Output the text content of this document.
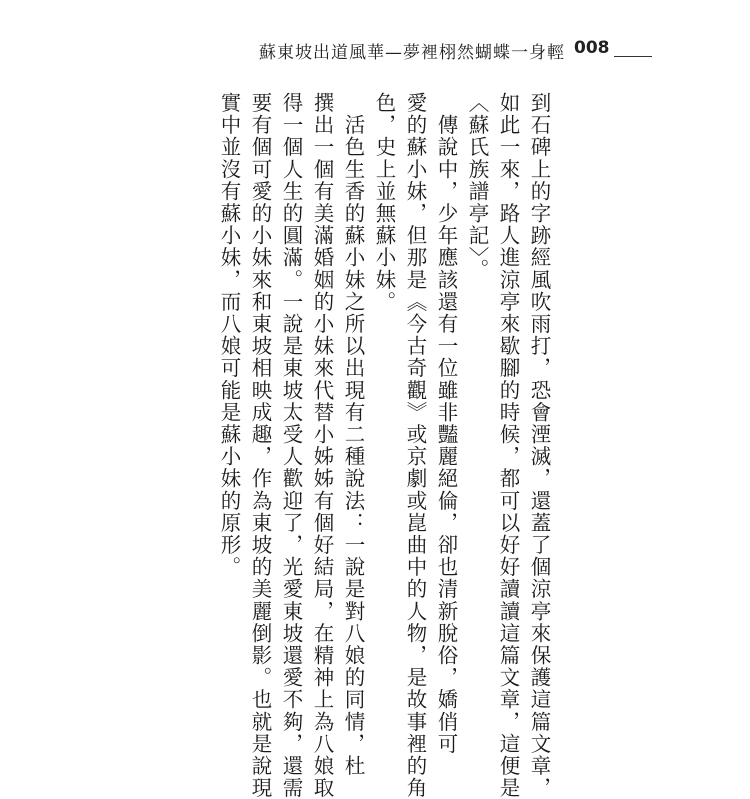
蘇東坡出道風華—夢裡栩然蝴蝶一身輕 008
到石碑上的字跡經風吹雨打，恐會湮滅，還蓋了個涼亭來保護這篇文章，
如此一來，路人進涼亭來歇腳的時候，都可以好好讀讀這篇文章，這便是
〈蘇氏族譜亭記〉。
　傳說中，少年應該還有一位雖非豔麗絕倫，卻也清新脫俗，嬌俏可
愛的蘇小妹，但那是《今古奇觀》或京劇或崑曲中的人物，是故事裡的角
色，史上並無蘇小妹。
　活色生香的蘇小妹之所以出現有二種說法：一說是對八娘的同情，杜
撰出一個有美滿婚姻的小妹來代替小姊姊有個好結局，在精神上為八娘取
得一個人生的圓滿。一說是東坡太受人歡迎了，光愛東坡還愛不夠，還需
要有個可愛的小妹來和東坡相映成趣，作為東坡的美麗倒影。也就是說現
實中並沒有蘇小妹，而八娘可能是蘇小妹的原形。
